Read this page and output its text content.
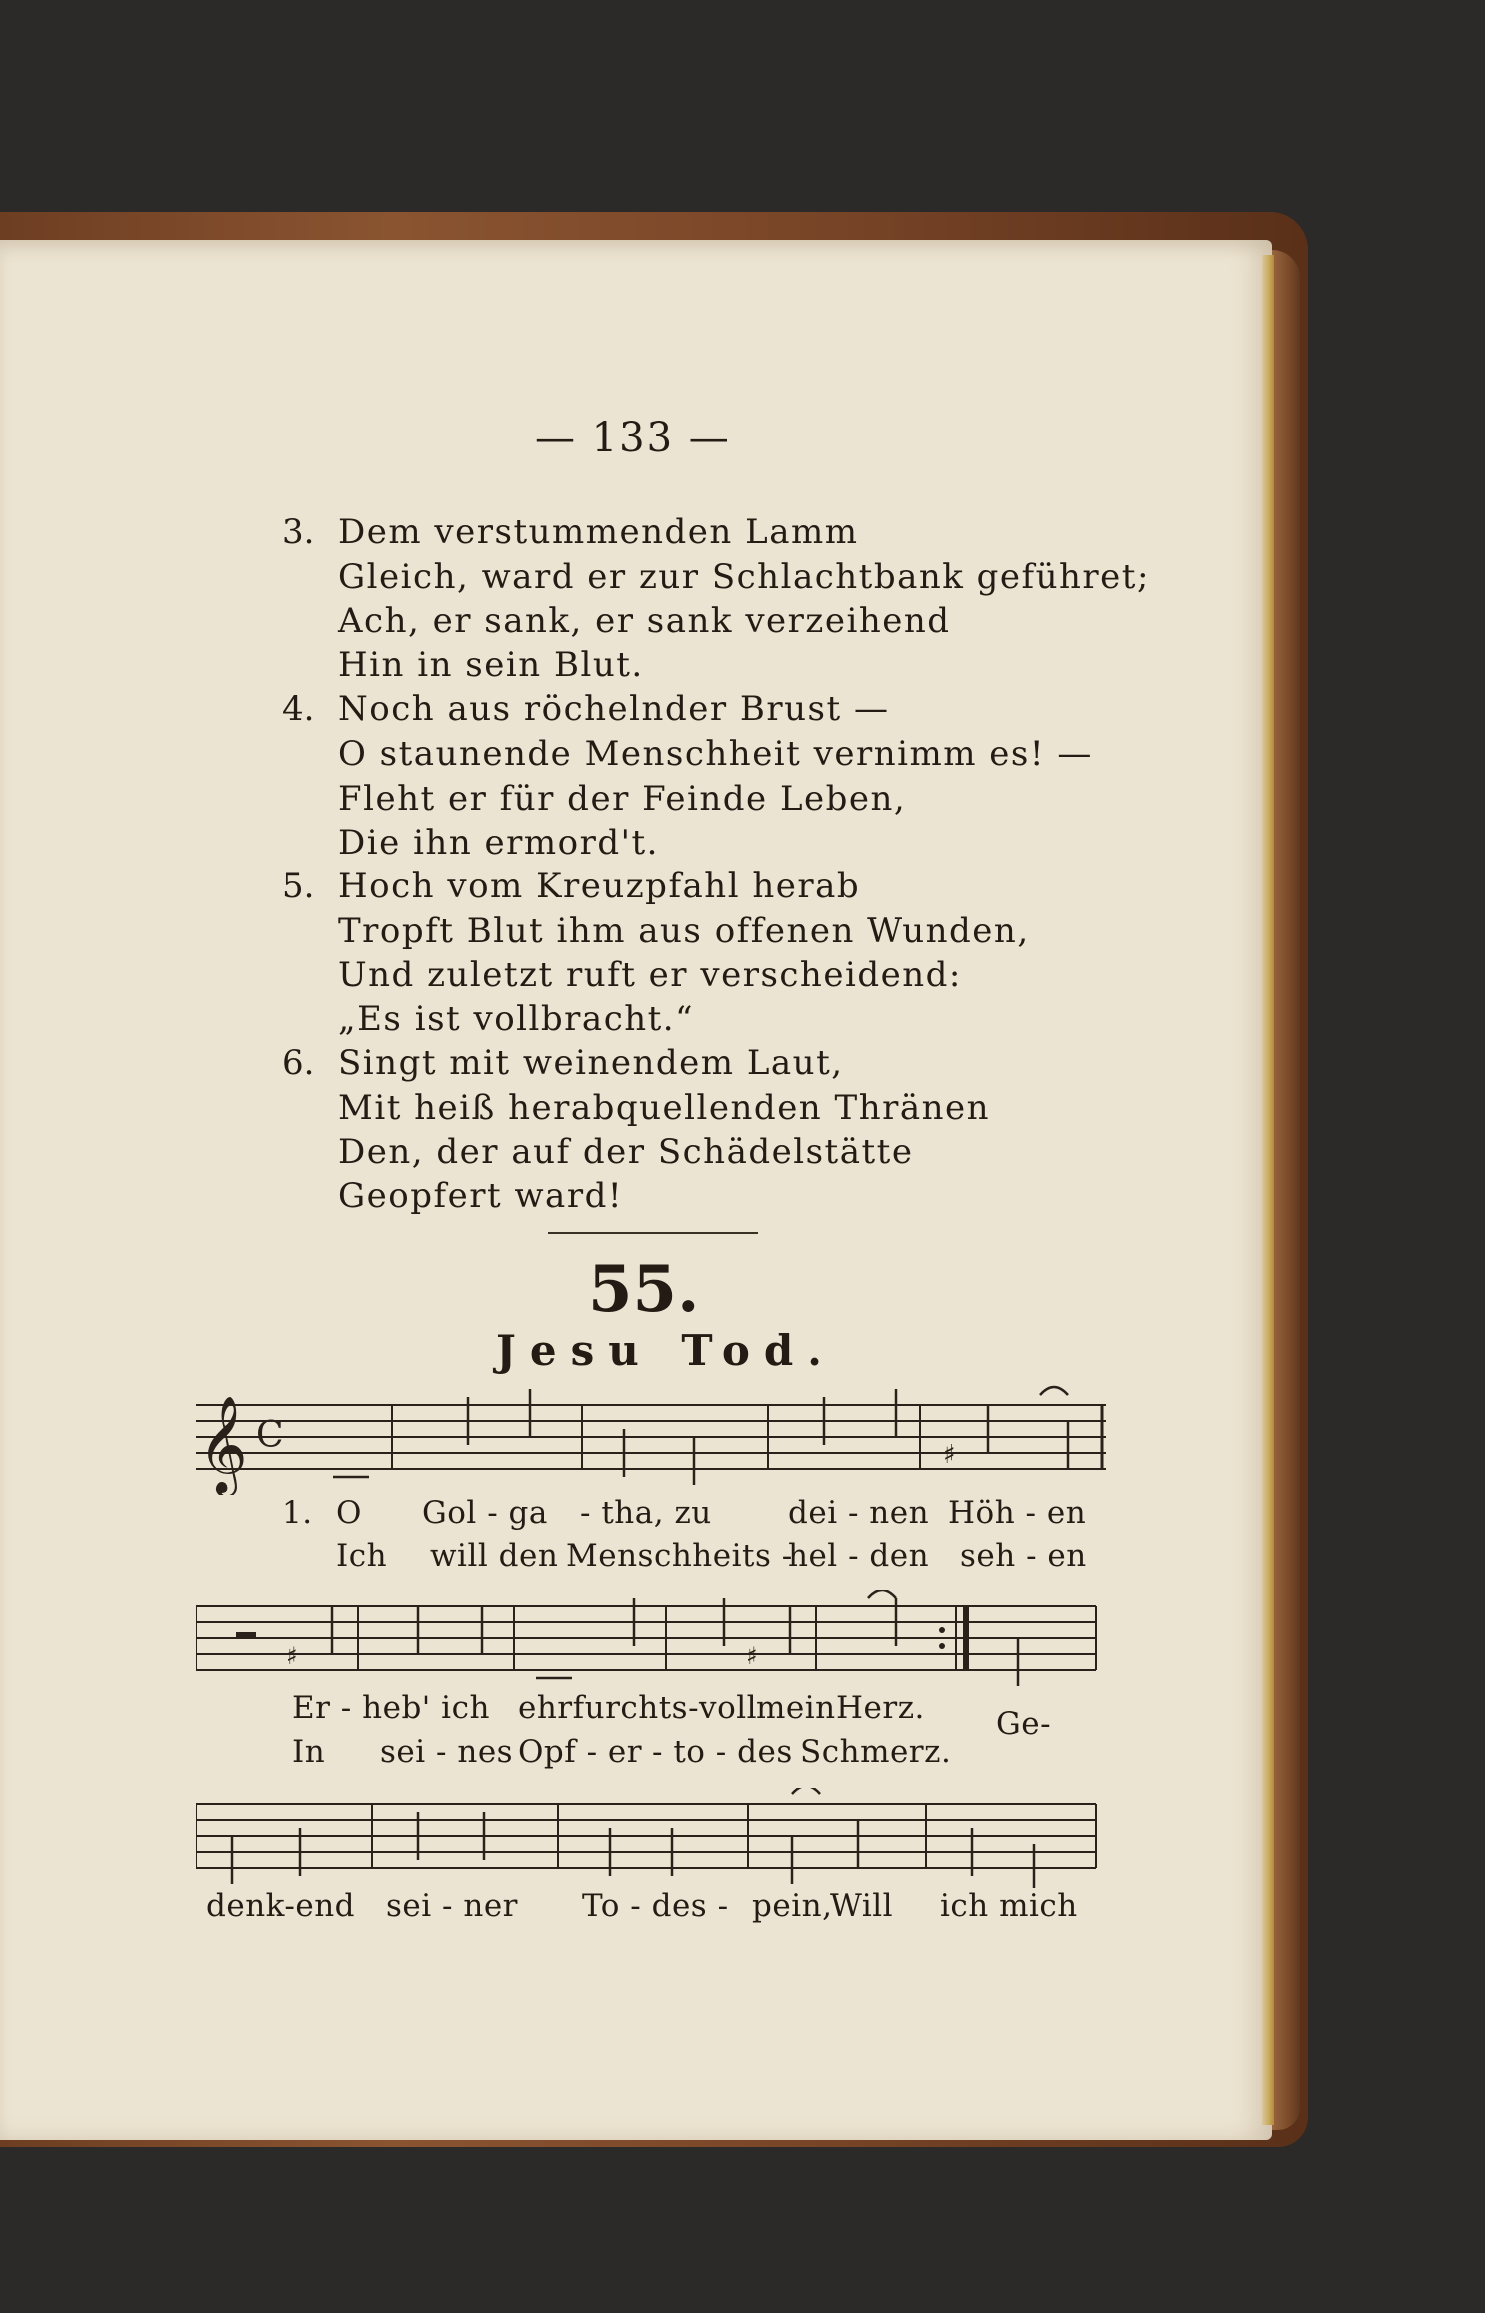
— 133 —
3. Dem verstummenden Lamm
Gleich, ward er zur Schlachtbank geführet;
Ach, er sank, er sank verzeihend
Hin in sein Blut.
4. Noch aus röchelnder Brust —
O staunende Menschheit vernimm es! —
Fleht er für der Feinde Leben,
Die ihn ermord't.
5. Hoch vom Kreuzpfahl herab
Tropft Blut ihm aus offenen Wunden,
Und zuletzt ruft er verscheidend:
„Es ist vollbracht.“
6. Singt mit weinendem Laut,
Mit heiß herabquellenden Thränen
Den, der auf der Schädelstätte
Geopfert ward!
55.
Jesu Tod.
𝄞 C	♯
1. O Gol - ga - tha, zu dei - nen Höh - en
Ich will den Menschheits -
hel - den seh - en
♯	♯
Er - heb' ich ehrfurchts-voll
mein Herz. Ge-
In sei - nes Opf - er - to - des Schmerz.
denk-end sei - ner To - des - pein,
Will ich mich
